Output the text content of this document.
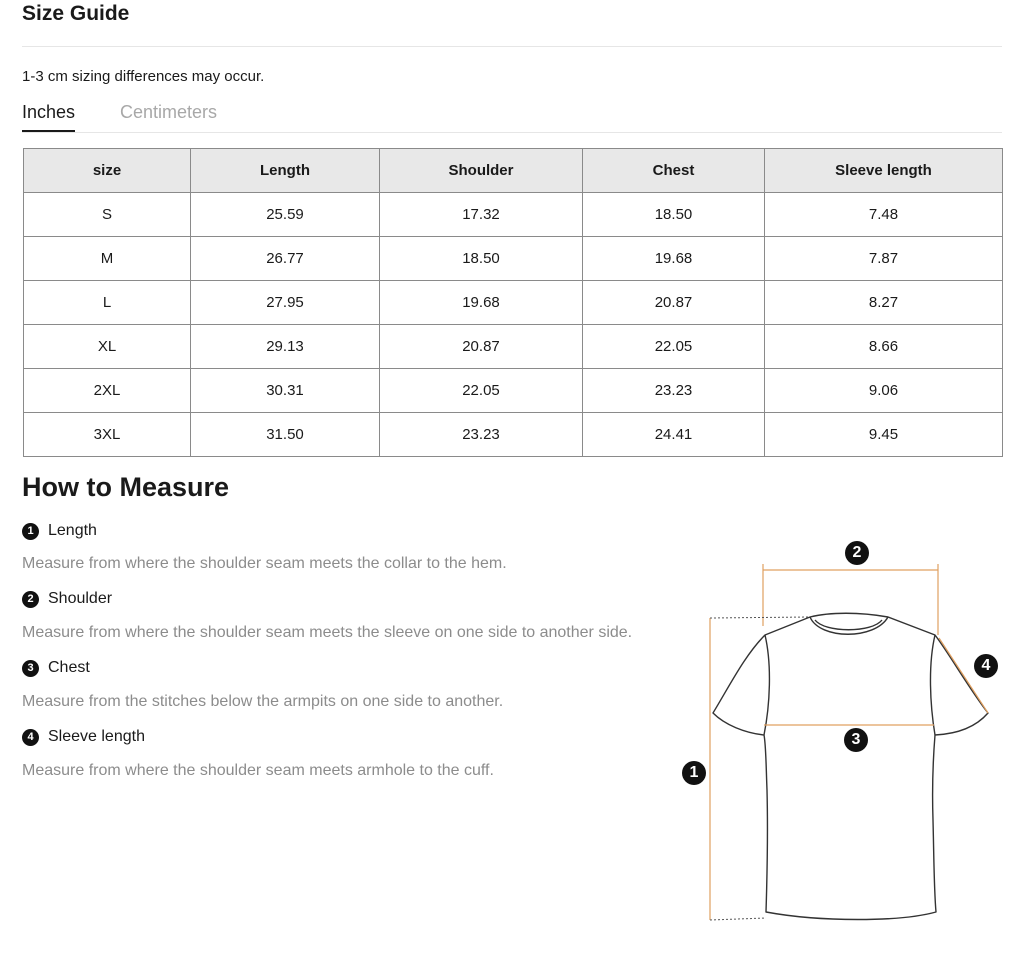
Size Guide
1-3 cm sizing differences may occur.
Inches Centimeters
size	Length	Shoulder	Chest	Sleeve length
S	25.59	17.32	18.50	7.48
M	26.77	18.50	19.68	7.87
L	27.95	19.68	20.87	8.27
XL	29.13	20.87	22.05	8.66
2XL	30.31	22.05	23.23	9.06
3XL	31.50	23.23	24.41	9.45
How to Measure
1 Length
Measure from where the shoulder seam meets the collar to the hem.
2 Shoulder
Measure from where the shoulder seam meets the sleeve on one side to another side.
3 Chest
Measure from the stitches below the armpits on one side to another.
4 Sleeve length
Measure from where the shoulder seam meets armhole to the cuff.	1
2
3
4
